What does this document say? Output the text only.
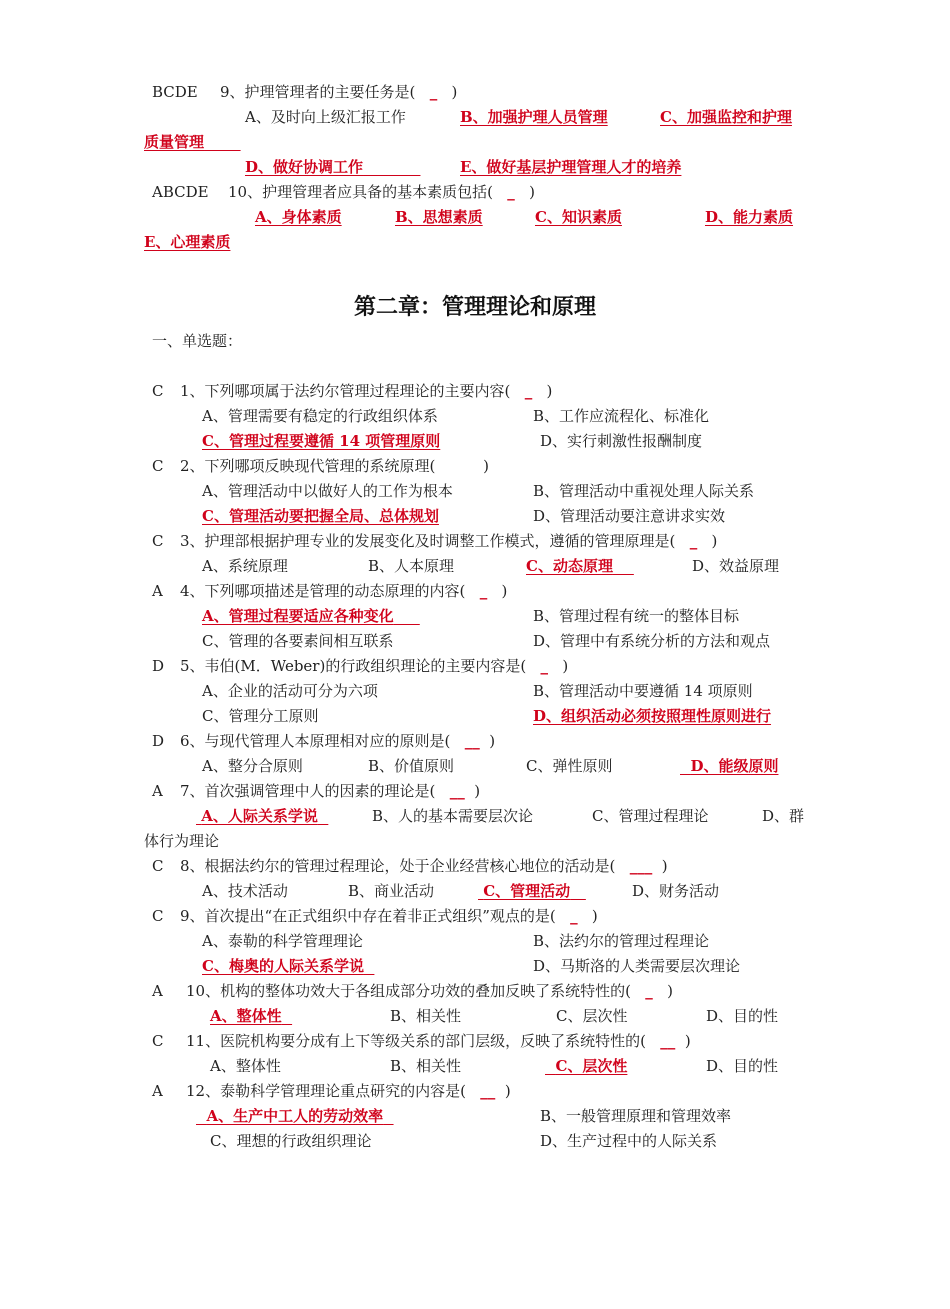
BCDE 9、护理管理者的主要任务是( _ )
A、及时向上级汇报工作	B、加强护理人员管理	C、加强监控和护理
质量管理
D、做好协调工作	E、做好基层护理管理人才的培养
ABCDE 10、护理管理者应具备的基本素质包括( _ )
A、身体素质	B、思想素质	C、知识素质	D、能力素质
E、心理素质
第二章：管理理论和原理
一、单选题：
C 1、下列哪项属于法约尔管理过程理论的主要内容( _ )
A、管理需要有稳定的行政组织体系	B、工作应流程化、标准化
C、管理过程要遵循 14 项管理原则	D、实行刺激性报酬制度
C 2、下列哪项反映现代管理的系统原理(	)
A、管理活动中以做好人的工作为根本	B、管理活动中重视处理人际关系
C、管理活动要把握全局、总体规划	D、管理活动要注意讲求实效
C 3、护理部根据护理专业的发展变化及时调整工作模式，遵循的管理原理是( _ )
A、系统原理	B、人本原理	C、动态原理	D、效益原理
A 4、下列哪项描述是管理的动态原理的内容( _ )
A、管理过程要适应各种变化	B、管理过程有统一的整体目标
C、管理的各要素间相互联系	D、管理中有系统分析的方法和观点
D 5、韦伯(M．Weber)的行政组织理论的主要内容是( _ )
A、企业的活动可分为六项	B、管理活动中要遵循 14 项原则
C、管理分工原则	D、组织活动必须按照理性原则进行
D 6、与现代管理人本原理相对应的原则是( __ )
A、整分合原则	B、价值原则	C、弹性原则	D、能级原则
A 7、首次强调管理中人的因素的理论是( __ )
A、人际关系学说	B、人的基本需要层次论	C、管理过程理论	D、群
体行为理论
C 8、根据法约尔的管理过程理论，处于企业经营核心地位的活动是( ___ )
A、技术活动	B、商业活动	C、管理活动	D、财务活动
C 9、首次提出“在正式组织中存在着非正式组织”观点的是( _ )
A、泰勒的科学管理理论	B、法约尔的管理过程理论
C、梅奥的人际关系学说	D、马斯洛的人类需要层次理论
A 10、机构的整体功效大于各组成部分功效的叠加反映了系统特性的( _ )
A、整体性	B、相关性	C、层次性	D、目的性
C 11、医院机构要分成有上下等级关系的部门层级，反映了系统特性的( __ )
A、整体性	B、相关性	C、层次性	D、目的性
A 12、泰勒科学管理理论重点研究的内容是( __ )
A、生产中工人的劳动效率	B、一般管理原理和管理效率
C、理想的行政组织理论	D、生产过程中的人际关系
